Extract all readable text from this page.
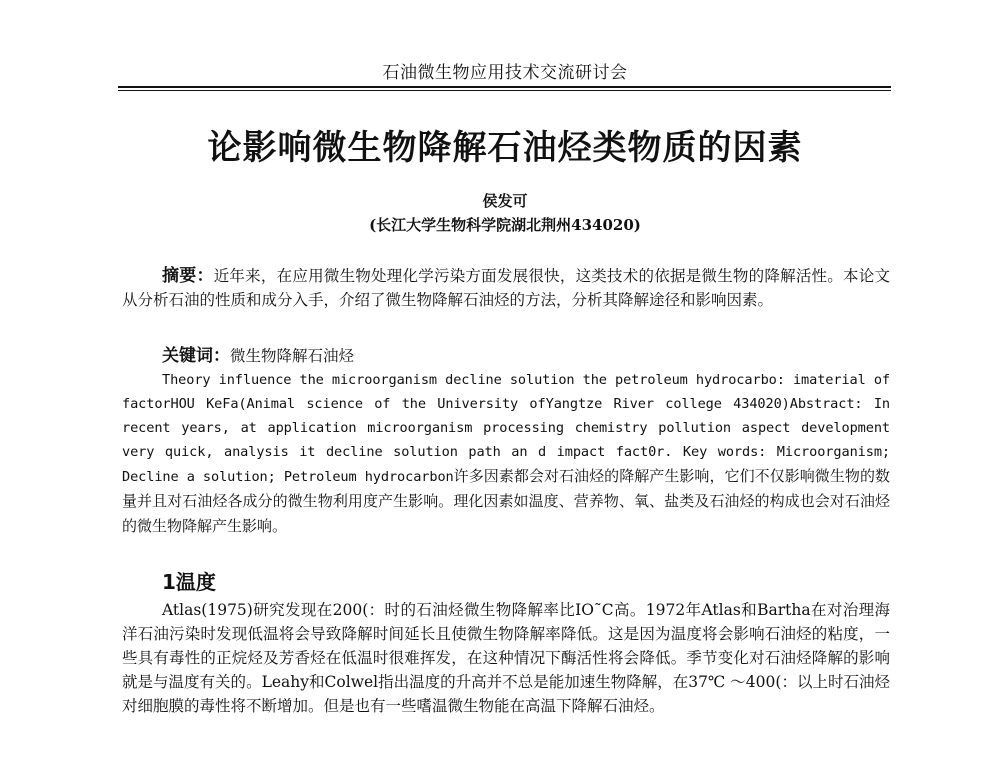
石油微生物应用技术交流研讨会
论影响微生物降解石油烃类物质的因素
侯发可
(长江大学生物科学院湖北荆州434020)
摘要：近年来，在应用微生物处理化学污染方面发展很快，这类技术的依据是微生物的降解活性。本论文从分析石油的性质和成分入手，介绍了微生物降解石油烃的方法，分析其降解途径和影响因素。
关键词：微生物降解石油烃
Theory influence the microorganism decline solution the petroleum hydrocarbo: imaterial of factorHOU KeFa(Animal science of the University ofYangtze River college 434020)Abstract: In recent years, at application microorganism processing chemistry pollution aspect development very quick, analysis it decline solution path an d impact fact0r. Key words: Microorganism; Decline a solution; Petroleum hydrocarbon许多因素都会对石油烃的降解产生影响，它们不仅影响微生物的数量并且对石油烃各成分的微生物利用度产生影响。理化因素如温度、营养物、氧、盐类及石油烃的构成也会对石油烃的微生物降解产生影响。
1温度
Atlas(1975)研究发现在200(：时的石油烃微生物降解率比IO˜C高。1972年Atlas和Bartha在对治理海洋石油污染时发现低温将会导致降解时间延长且使微生物降解率降低。这是因为温度将会影响石油烃的粘度，一些具有毒性的正烷烃及芳香烃在低温时很难挥发，在这种情况下酶活性将会降低。季节变化对石油烃降解的影响就是与温度有关的。Leahy和Colwel指出温度的升高并不总是能加速生物降解，在37℃ ～400(：以上时石油烃对细胞膜的毒性将不断增加。但是也有一些嗜温微生物能在高温下降解石油烃。
